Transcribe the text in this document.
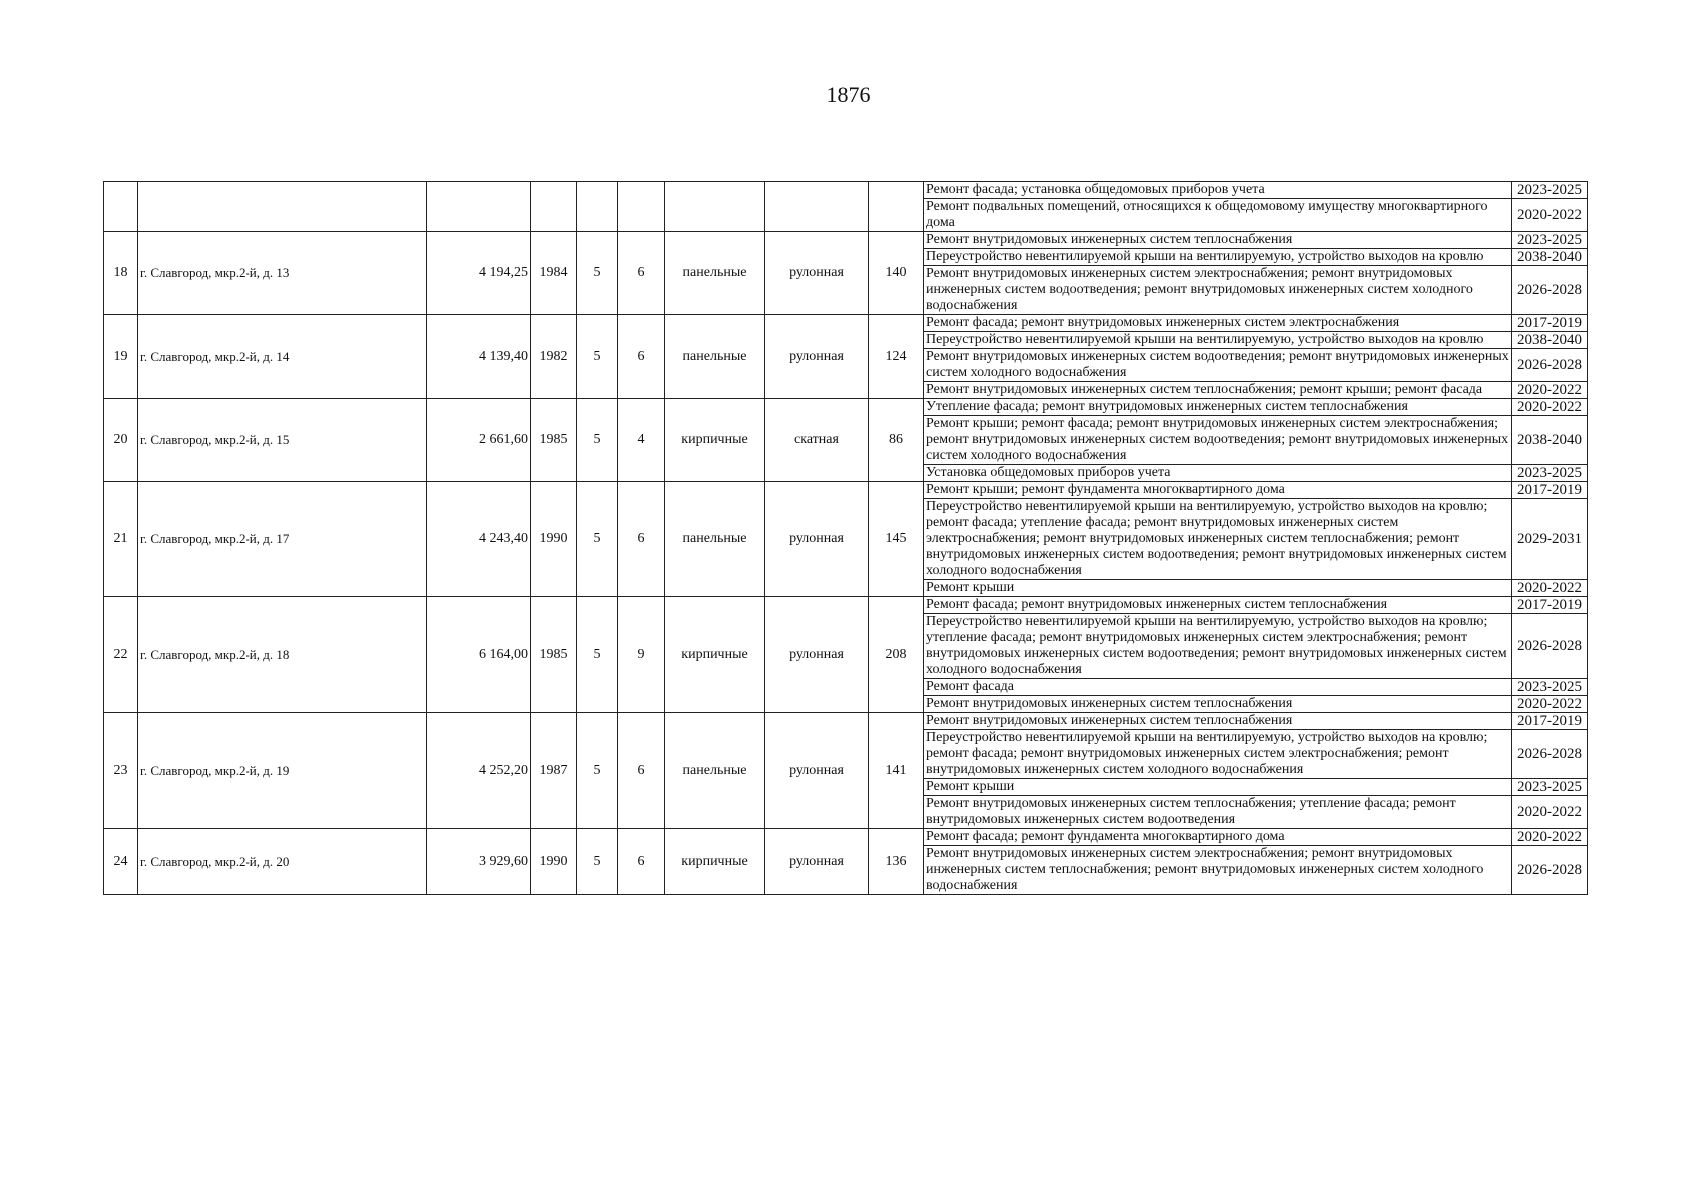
1876
									Ремонт фасада; установка общедомовых приборов учета	2023-2025
									Ремонт подвальных помещений, относящихся к общедомовому имуществу многоквартирного дома	2020-2022
18	г. Славгород, мкр.2-й, д. 13	4 194,25	1984	5	6	панельные	рулонная	140	Ремонт внутридомовых инженерных систем теплоснабжения	2023-2025
									Переустройство невентилируемой крыши на вентилируемую, устройство выходов на кровлю	2038-2040
									Ремонт внутридомовых инженерных систем электроснабжения; ремонт внутридомовых инженерных систем водоотведения; ремонт внутридомовых инженерных систем холодного водоснабжения	2026-2028
19	г. Славгород, мкр.2-й, д. 14	4 139,40	1982	5	6	панельные	рулонная	124	Ремонт фасада; ремонт внутридомовых инженерных систем электроснабжения	2017-2019
									Переустройство невентилируемой крыши на вентилируемую, устройство выходов на кровлю	2038-2040
									Ремонт внутридомовых инженерных систем водоотведения; ремонт внутридомовых инженерных систем холодного водоснабжения	2026-2028
									Ремонт внутридомовых инженерных систем теплоснабжения; ремонт крыши; ремонт фасада	2020-2022
20	г. Славгород, мкр.2-й, д. 15	2 661,60	1985	5	4	кирпичные	скатная	86	Утепление фасада; ремонт внутридомовых инженерных систем теплоснабжения	2020-2022
									Ремонт крыши; ремонт фасада; ремонт внутридомовых инженерных систем электроснабжения; ремонт внутридомовых инженерных систем водоотведения; ремонт внутридомовых инженерных систем холодного водоснабжения	2038-2040
									Установка общедомовых приборов учета	2023-2025
21	г. Славгород, мкр.2-й, д. 17	4 243,40	1990	5	6	панельные	рулонная	145	Ремонт крыши; ремонт фундамента многоквартирного дома	2017-2019
									Переустройство невентилируемой крыши на вентилируемую, устройство выходов на кровлю; ремонт фасада; утепление фасада; ремонт внутридомовых инженерных систем электроснабжения; ремонт внутридомовых инженерных систем теплоснабжения; ремонт внутридомовых инженерных систем водоотведения; ремонт внутридомовых инженерных систем холодного водоснабжения	2029-2031
									Ремонт крыши	2020-2022
22	г. Славгород, мкр.2-й, д. 18	6 164,00	1985	5	9	кирпичные	рулонная	208	Ремонт фасада; ремонт внутридомовых инженерных систем теплоснабжения	2017-2019
									Переустройство невентилируемой крыши на вентилируемую, устройство выходов на кровлю; утепление фасада; ремонт внутридомовых инженерных систем электроснабжения; ремонт внутридомовых инженерных систем водоотведения; ремонт внутридомовых инженерных систем холодного водоснабжения	2026-2028
									Ремонт фасада	2023-2025
									Ремонт внутридомовых инженерных систем теплоснабжения	2020-2022
23	г. Славгород, мкр.2-й, д. 19	4 252,20	1987	5	6	панельные	рулонная	141	Ремонт внутридомовых инженерных систем теплоснабжения	2017-2019
									Переустройство невентилируемой крыши на вентилируемую, устройство выходов на кровлю; ремонт фасада; ремонт внутридомовых инженерных систем электроснабжения; ремонт внутридомовых инженерных систем холодного водоснабжения	2026-2028
									Ремонт крыши	2023-2025
									Ремонт внутридомовых инженерных систем теплоснабжения; утепление фасада; ремонт внутридомовых инженерных систем водоотведения	2020-2022
24	г. Славгород, мкр.2-й, д. 20	3 929,60	1990	5	6	кирпичные	рулонная	136	Ремонт фасада; ремонт фундамента многоквартирного дома	2020-2022
									Ремонт внутридомовых инженерных систем электроснабжения; ремонт внутридомовых инженерных систем теплоснабжения; ремонт внутридомовых инженерных систем холодного водоснабжения	2026-2028
